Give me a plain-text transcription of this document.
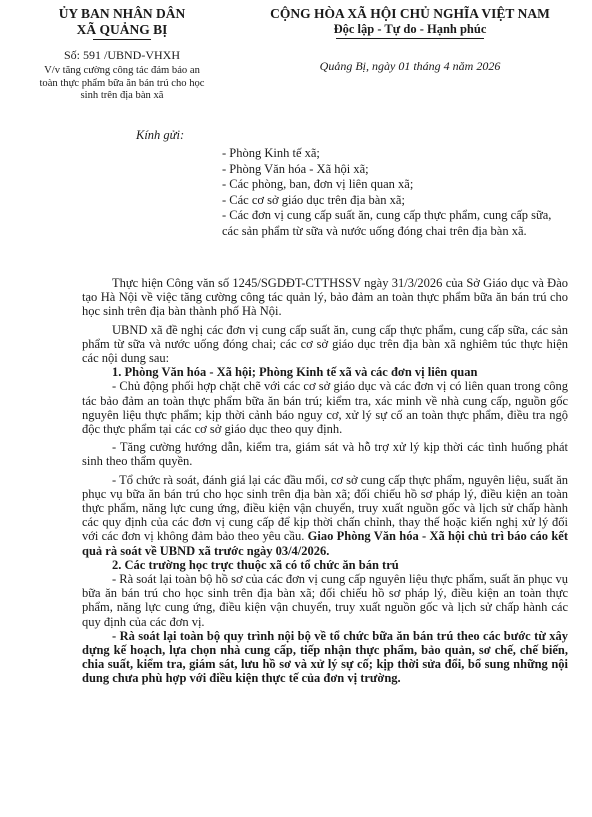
ỦY BAN NHÂN DÂN
XÃ QUẢNG BỊ
Số: 591 /UBND-VHXH
V/v tăng cường công tác đảm bảo an toàn thực phẩm bữa ăn bán trú cho học sinh trên địa bàn xã
CỘNG HÒA XÃ HỘI CHỦ NGHĨA VIỆT NAM
Độc lập - Tự do - Hạnh phúc
Quảng Bị, ngày 01 tháng 4 năm 2026
Kính gửi:
- Phòng Kinh tế xã;
- Phòng Văn hóa - Xã hội xã;
- Các phòng, ban, đơn vị liên quan xã;
- Các cơ sở giáo dục trên địa bàn xã;
- Các đơn vị cung cấp suất ăn, cung cấp thực phẩm, cung cấp sữa, các sản phẩm từ sữa và nước uống đóng chai trên địa bàn xã.

Thực hiện Công văn số 1245/SGDĐT-CTTHSSV ngày 31/3/2026 của Sở Giáo dục và Đào tạo Hà Nội về việc tăng cường công tác quản lý, bảo đảm an toàn thực phẩm bữa ăn bán trú cho học sinh trên địa bàn thành phố Hà Nội.

UBND xã đề nghị các đơn vị cung cấp suất ăn, cung cấp thực phẩm, cung cấp sữa, các sản phẩm từ sữa và nước uống đóng chai; các cơ sở giáo dục trên địa bàn xã nghiêm túc thực hiện các nội dung sau:

1. Phòng Văn hóa - Xã hội; Phòng Kinh tế xã và các đơn vị liên quan

- Chủ động phối hợp chặt chẽ với các cơ sở giáo dục và các đơn vị có liên quan trong công tác bảo đảm an toàn thực phẩm bữa ăn bán trú; kiểm tra, xác minh về nhà cung cấp, nguồn gốc nguyên liệu thực phẩm; kịp thời cảnh báo nguy cơ, xử lý sự cố an toàn thực phẩm, điều tra ngộ độc thực phẩm tại các cơ sở giáo dục theo quy định.

- Tăng cường hướng dẫn, kiểm tra, giám sát và hỗ trợ xử lý kịp thời các tình huống phát sinh theo thẩm quyền.

- Tổ chức rà soát, đánh giá lại các đầu mối, cơ sở cung cấp thực phẩm, nguyên liệu, suất ăn phục vụ bữa ăn bán trú cho học sinh trên địa bàn xã; đối chiếu hồ sơ pháp lý, điều kiện an toàn thực phẩm, năng lực cung ứng, điều kiện vận chuyển, truy xuất nguồn gốc và lịch sử chấp hành các quy định của các đơn vị cung cấp để kịp thời chấn chỉnh, thay thế hoặc kiến nghị xử lý đối với các đơn vị không đảm bảo theo yêu cầu. Giao Phòng Văn hóa - Xã hội chủ trì báo cáo kết quả rà soát về UBND xã trước ngày 03/4/2026.

2. Các trường học trực thuộc xã có tổ chức ăn bán trú

- Rà soát lại toàn bộ hồ sơ của các đơn vị cung cấp nguyên liệu thực phẩm, suất ăn phục vụ bữa ăn bán trú cho học sinh trên địa bàn xã; đối chiếu hồ sơ pháp lý, điều kiện an toàn thực phẩm, năng lực cung ứng, điều kiện vận chuyển, truy xuất nguồn gốc và lịch sử chấp hành các quy định của các đơn vị.

- Rà soát lại toàn bộ quy trình nội bộ về tổ chức bữa ăn bán trú theo các bước từ xây dựng kế hoạch, lựa chọn nhà cung cấp, tiếp nhận thực phẩm, bảo quản, sơ chế, chế biến, chia suất, kiểm tra, giám sát, lưu hồ sơ và xử lý sự cố; kịp thời sửa đổi, bổ sung những nội dung chưa phù hợp với điều kiện thực tế của đơn vị trường.
